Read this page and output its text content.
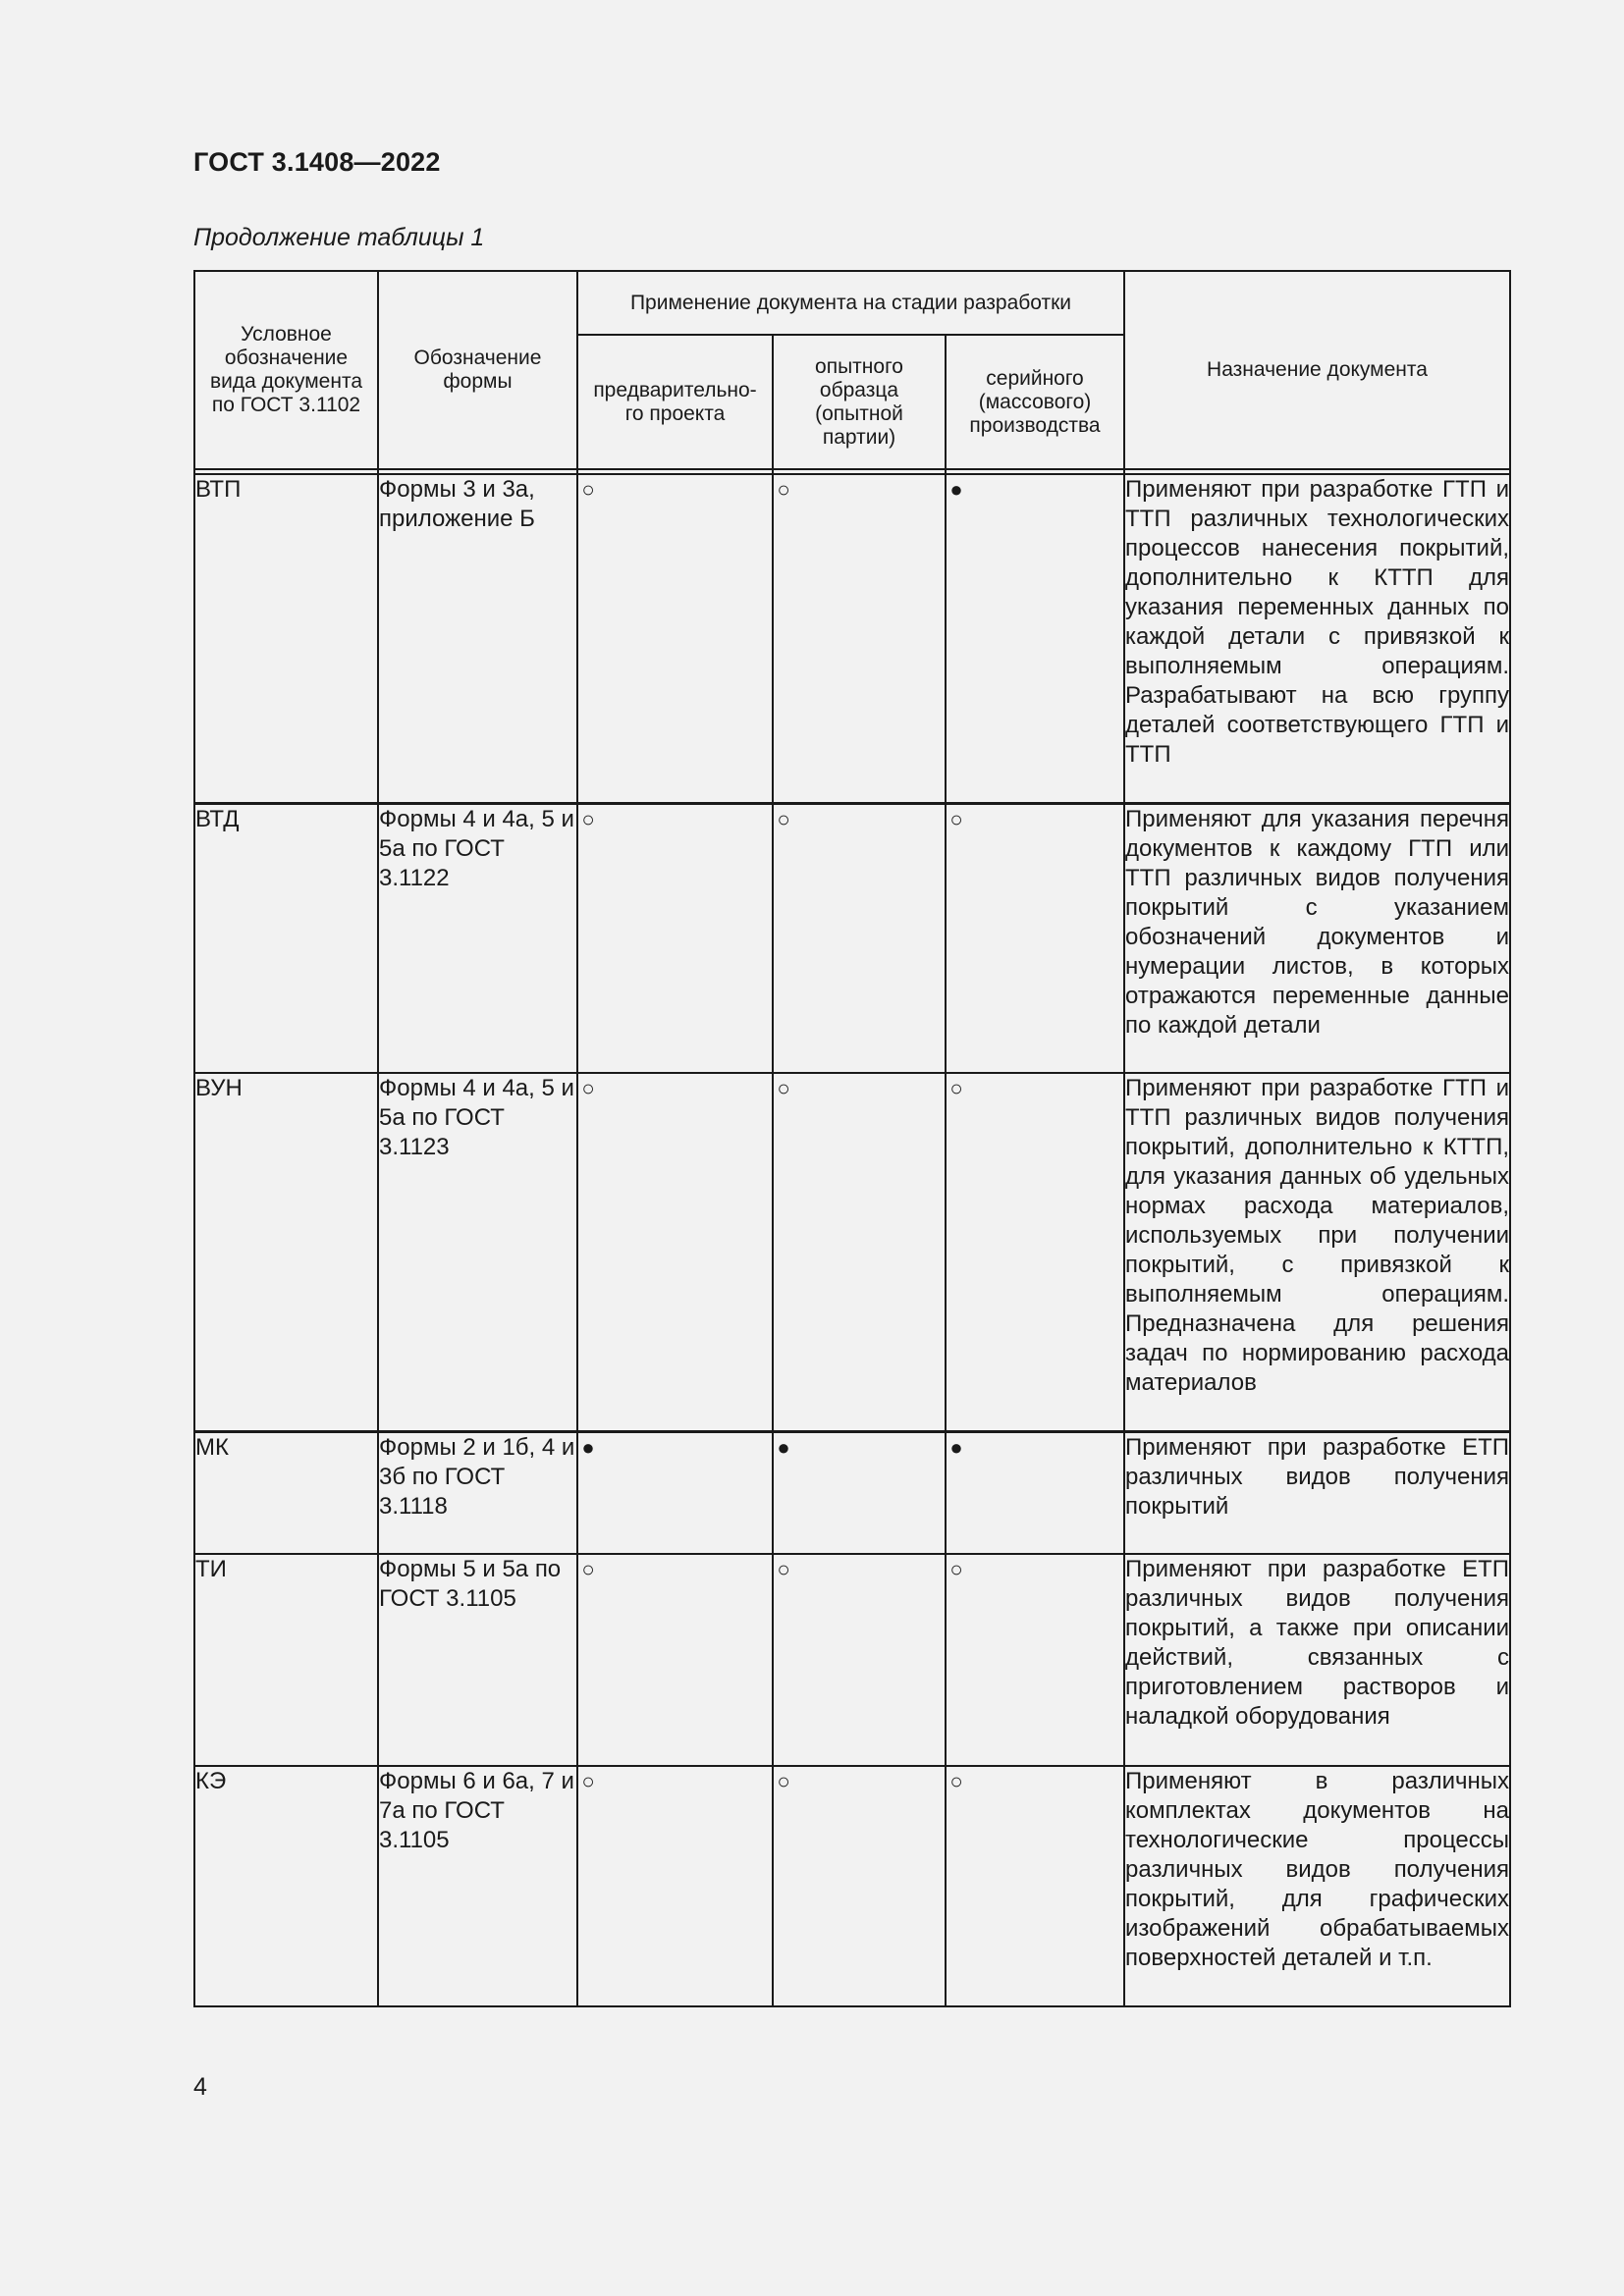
ГОСТ 3.1408—2022
Продолжение таблицы 1
Условное обозначение вида документа по ГОСТ 3.1102	Обозначение формы	Применение документа на стадии разработки			Назначение документа

		предварительно-го проекта	опытного образца (опытной партии)	серийного (массового) производства	

ВТП	Формы 3 и 3а, приложение Б	○	○	●	Применяют при разработке ГТП и ТТП различных технологических процессов нанесения покрытий, дополнительно к КТТП для указания переменных данных по каждой детали с привязкой к выполняемым операциям. Разрабатывают на всю группу деталей соответствующего ГТП и ТТП
ВТД	Формы 4 и 4а, 5 и 5а по ГОСТ 3.1122	○	○	○	Применяют для указания перечня документов к каждому ГТП или ТТП различных видов получения покрытий с указанием обозначений документов и нумерации листов, в которых отражаются переменные данные по каждой детали
ВУН	Формы 4 и 4а, 5 и 5а по ГОСТ 3.1123	○	○	○	Применяют при разработке ГТП и ТТП различных видов получения покрытий, дополнительно к КТТП, для указания данных об удельных нормах расхода материалов, используемых при получении покрытий, с привязкой к выполняемым операциям. Предназначена для решения задач по нормированию расхода материалов
МК	Формы 2 и 1б, 4 и 3б по ГОСТ 3.1118	●	●	●	Применяют при разработке ЕТП различных видов получения покрытий
ТИ	Формы 5 и 5а по ГОСТ 3.1105	○	○	○	Применяют при разработке ЕТП различных видов получения покрытий, а также при описании действий, связанных с приготовлением растворов и наладкой оборудования
КЭ	Формы 6 и 6а, 7 и 7а по ГОСТ 3.1105	○	○	○	Применяют в различных комплектах документов на технологические процессы различных видов получения покрытий, для графических изображений обрабатываемых поверхностей деталей и т.п.
4
